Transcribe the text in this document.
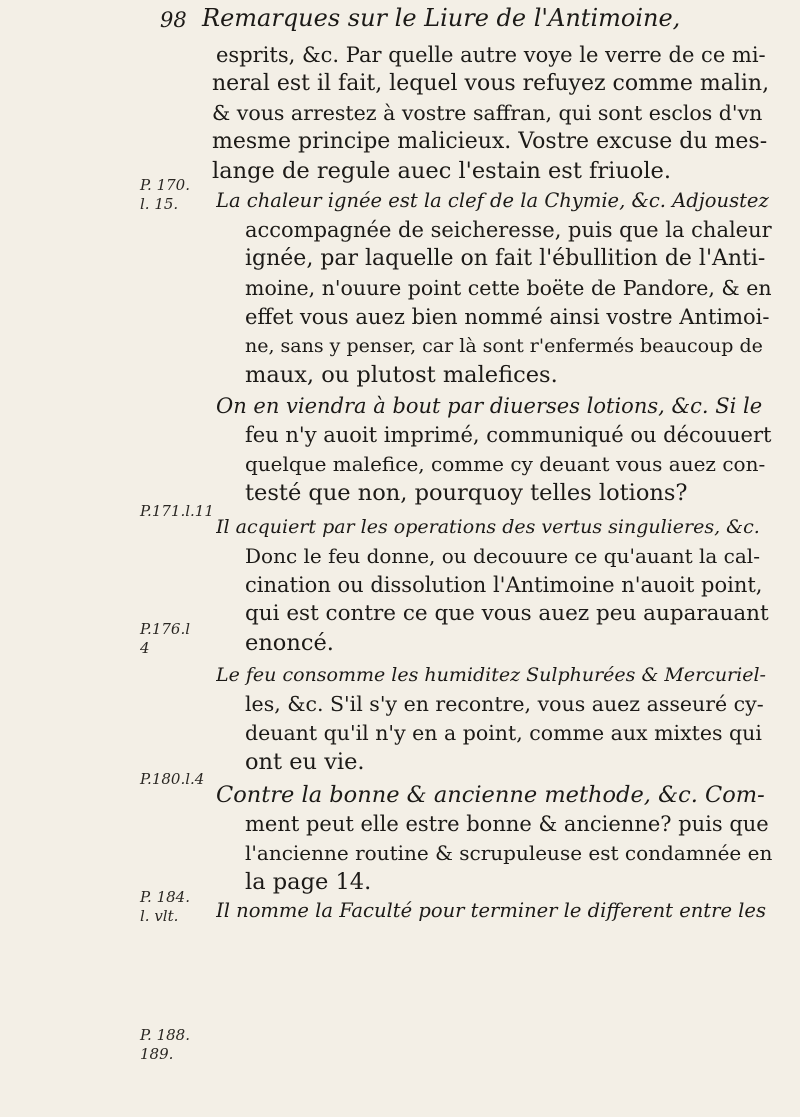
98 Remarques sur le Liure de l'Antimoine,
P. 170. l. 15.
P.171.l.11
P.176.l 4
P.180.l.4
P. 184. l. vlt.
P. 188. 189.
esprits, &c. Par quelle autre voye le verre de ce mi-
neral est il fait, lequel vous refuyez comme malin,
& vous arrestez à vostre saffran, qui sont esclos d'vn
mesme principe malicieux. Vostre excuse du mes-
lange de regule auec l'estain est friuole.
La chaleur ignée est la clef de la Chymie, &c. Adjoustez
accompagnée de seicheresse, puis que la chaleur
ignée, par laquelle on fait l'ébullition de l'Anti-
moine, n'ouure point cette boëte de Pandore, & en
effet vous auez bien nommé ainsi vostre Antimoi-
ne, sans y penser, car là sont r'enfermés beaucoup de
maux, ou plutost malefices.
On en viendra à bout par diuerses lotions, &c. Si le
feu n'y auoit imprimé, communiqué ou découuert
quelque malefice, comme cy deuant vous auez con-
testé que non, pourquoy telles lotions?
Il acquiert par les operations des vertus singulieres, &c.
Donc le feu donne, ou decouure ce qu'auant la cal-
cination ou dissolution l'Antimoine n'auoit point,
qui est contre ce que vous auez peu auparauant
enoncé.
Le feu consomme les humiditez Sulphurées & Mercuriel-
les, &c. S'il s'y en recontre, vous auez asseuré cy-
deuant qu'il n'y en a point, comme aux mixtes qui
ont eu vie.
Contre la bonne & ancienne methode, &c. Com-
ment peut elle estre bonne & ancienne? puis que
l'ancienne routine & scrupuleuse est condamnée en
la page 14.
Il nomme la Faculté pour terminer le different entre les
